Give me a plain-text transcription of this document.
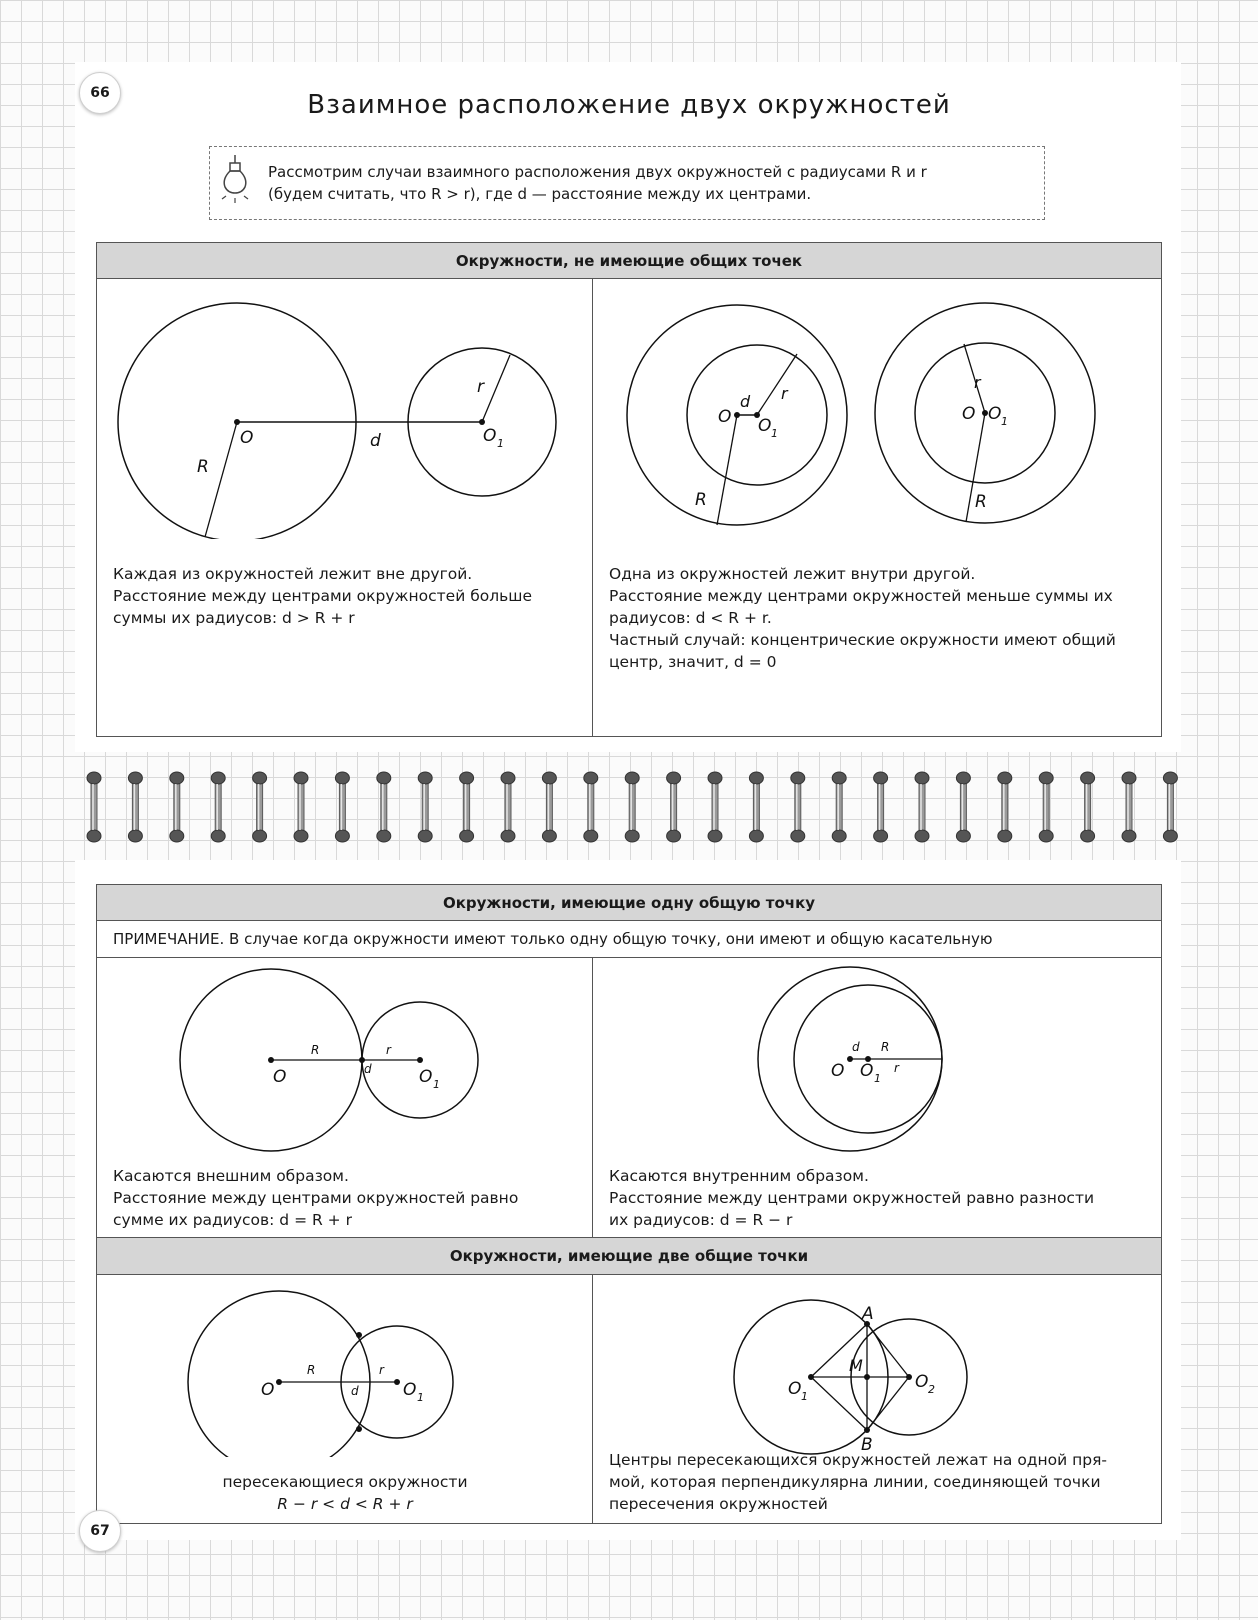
66	Взаимное расположение двух окружностей
Рассмотрим случаи взаимного расположения двух окружностей с радиусами R и r
(будем считать, что R > r), где d — расстояние между их центрами.
Окружности, не имеющие общих точек
O	d
R
r
O 1
O
d r
O 1
R
r
O O 1
R
Каждая из окружностей лежит вне другой.
Расстояние между центрами окружностей больше
суммы их радиусов: d > R + r
Одна из окружностей лежит внутри другой.
Расстояние между центрами окружностей меньше суммы их
радиусов: d < R + r.
Частный случай: концентрические окружности имеют общий
центр, значит, d = 0
Окружности, имеющие одну общую точку
ПРИМЕЧАНИЕ. В случае когда окружности имеют только одну общую точку, они имеют и общую касательную
R	r
d
O	O 1
d R
r
O O 1
Касаются внешним образом.
Расстояние между центрами окружностей равно
сумме их радиусов: d = R + r
Касаются внутренним образом.
Расстояние между центрами окружностей равно разности
их радиусов: d = R − r
Окружности, имеющие две общие точки
R	r
d
O	O 1
A
B
M
O 1
O 2
пересекающиеся окружности
R − r < d < R + r
Центры пересекающихся окружностей лежат на одной пря-
мой, которая перпендикулярна линии, соединяющей точки
пересечения окружностей
67
